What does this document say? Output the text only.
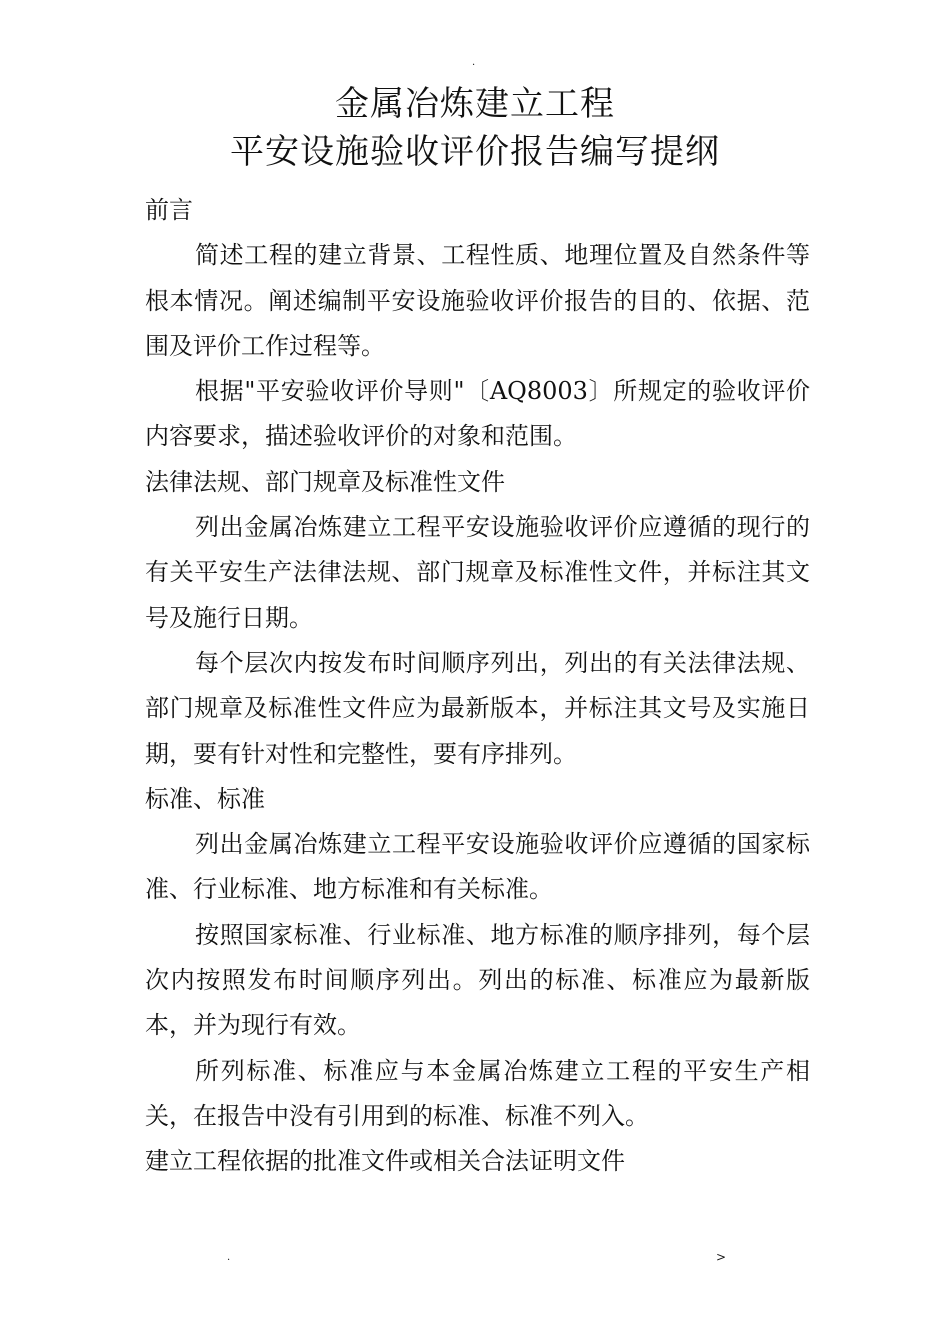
.
金属冶炼建立工程
平安设施验收评价报告编写提纲

前言

简述工程的建立背景、工程性质、地理位置及自然条件等根本情况。阐述编制平安设施验收评价报告的目的、依据、范围及评价工作过程等。

根据"平安验收评价导则"〔AQ8003〕所规定的验收评价内容要求，描述验收评价的对象和范围。

法律法规、部门规章及标准性文件

列出金属冶炼建立工程平安设施验收评价应遵循的现行的有关平安生产法律法规、部门规章及标准性文件，并标注其文号及施行日期。

每个层次内按发布时间顺序列出，列出的有关法律法规、部门规章及标准性文件应为最新版本，并标注其文号及实施日期，要有针对性和完整性，要有序排列。

标准、标准

列出金属冶炼建立工程平安设施验收评价应遵循的国家标准、行业标准、地方标准和有关标准。

按照国家标准、行业标准、地方标准的顺序排列，每个层次内按照发布时间顺序列出。列出的标准、标准应为最新版本，并为现行有效。

所列标准、标准应与本金属冶炼建立工程的平安生产相关，在报告中没有引用到的标准、标准不列入。

建立工程依据的批准文件或相关合法证明文件

.	>
